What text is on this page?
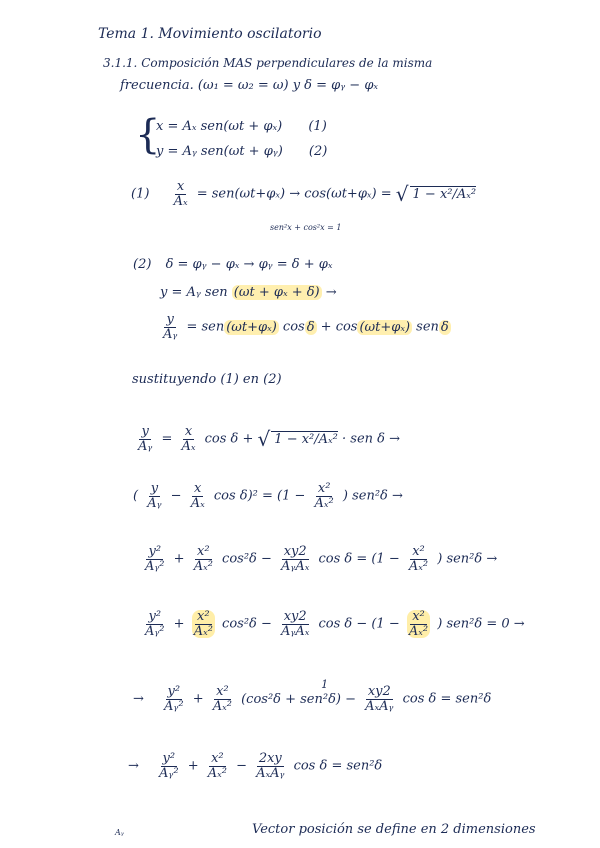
Tema 1. Movimiento oscilatorio
3.1.1. Composición MAS perpendiculares de la misma
frecuencia. (ω₁ = ω₂ = ω) y δ = φᵧ − φₓ
{
x = Aₓ sen(ωt + φₓ) (1)
y = Aᵧ sen(ωt + φᵧ) (2)
$(1) \frac{x}{\text{Aₓ}} = sen(\omega t+\varphi_x) \to \cos(\omega t+\varphi_x)$ = √ 1 − x²/Aₓ²
sen²x + cos²x = 1
(2) δ = φᵧ − φₓ → φᵧ = δ + φₓ
y = Aᵧ sen (ωt + φₓ + δ) →
$\frac{y}{\text{Aᵧ}}$ = sen (ωt+φₓ) cos δ + cos (ωt+φₓ) sen δ
sustituyendo (1) en (2)
$\frac{y}{\text{Aᵧ}} = \frac{x}{\text{Aₓ}}$ cos δ + √ 1 − x²/Aₓ² · sen δ →
( $\frac{y}{\text{Aᵧ}} - \frac{x}{\text{Aₓ}}$ $\cos \delta)^2 = (1 - \frac{\text{x²}}{\text{Aₓ²}}$ ) sen²δ →
$\frac{\text{y²}}{\text{Aᵧ²}} + \frac{\text{x²}}{\text{Aₓ²}} \cos^2\delta - \frac{xy2}{\text{AᵧAₓ}}$ $\cos \delta = (1 - \frac{\text{x²}}{\text{Aₓ²}}$ ) sen²δ →
$\frac{\text{y²}}{\text{Aᵧ²}} + \frac{\text{x²}}{\text{Aₓ²}} \cos^2\delta - \frac{xy2}{\text{AᵧAₓ}}$ $\cos \delta - (1 - \frac{\text{x²}}{\text{Aₓ²}}$ ) sen²δ = 0 →
→ $\frac{\text{y²}}{\text{Aᵧ²}} + \frac{\text{x²}}{\text{Aₓ²}} (\cos^2\delta + sen^2\delta)$ −
1
$\frac{xy2}{\text{AₓAᵧ}}$ cos δ = sen²δ
→ $\frac{\text{y²}}{\text{Aᵧ²}} + \frac{\text{x²}}{\text{Aₓ²}} - \frac{2xy}{\text{AₓAᵧ}}$ cos δ = sen²δ
Aᵧ	Vector posición se define en 2 dimensiones
